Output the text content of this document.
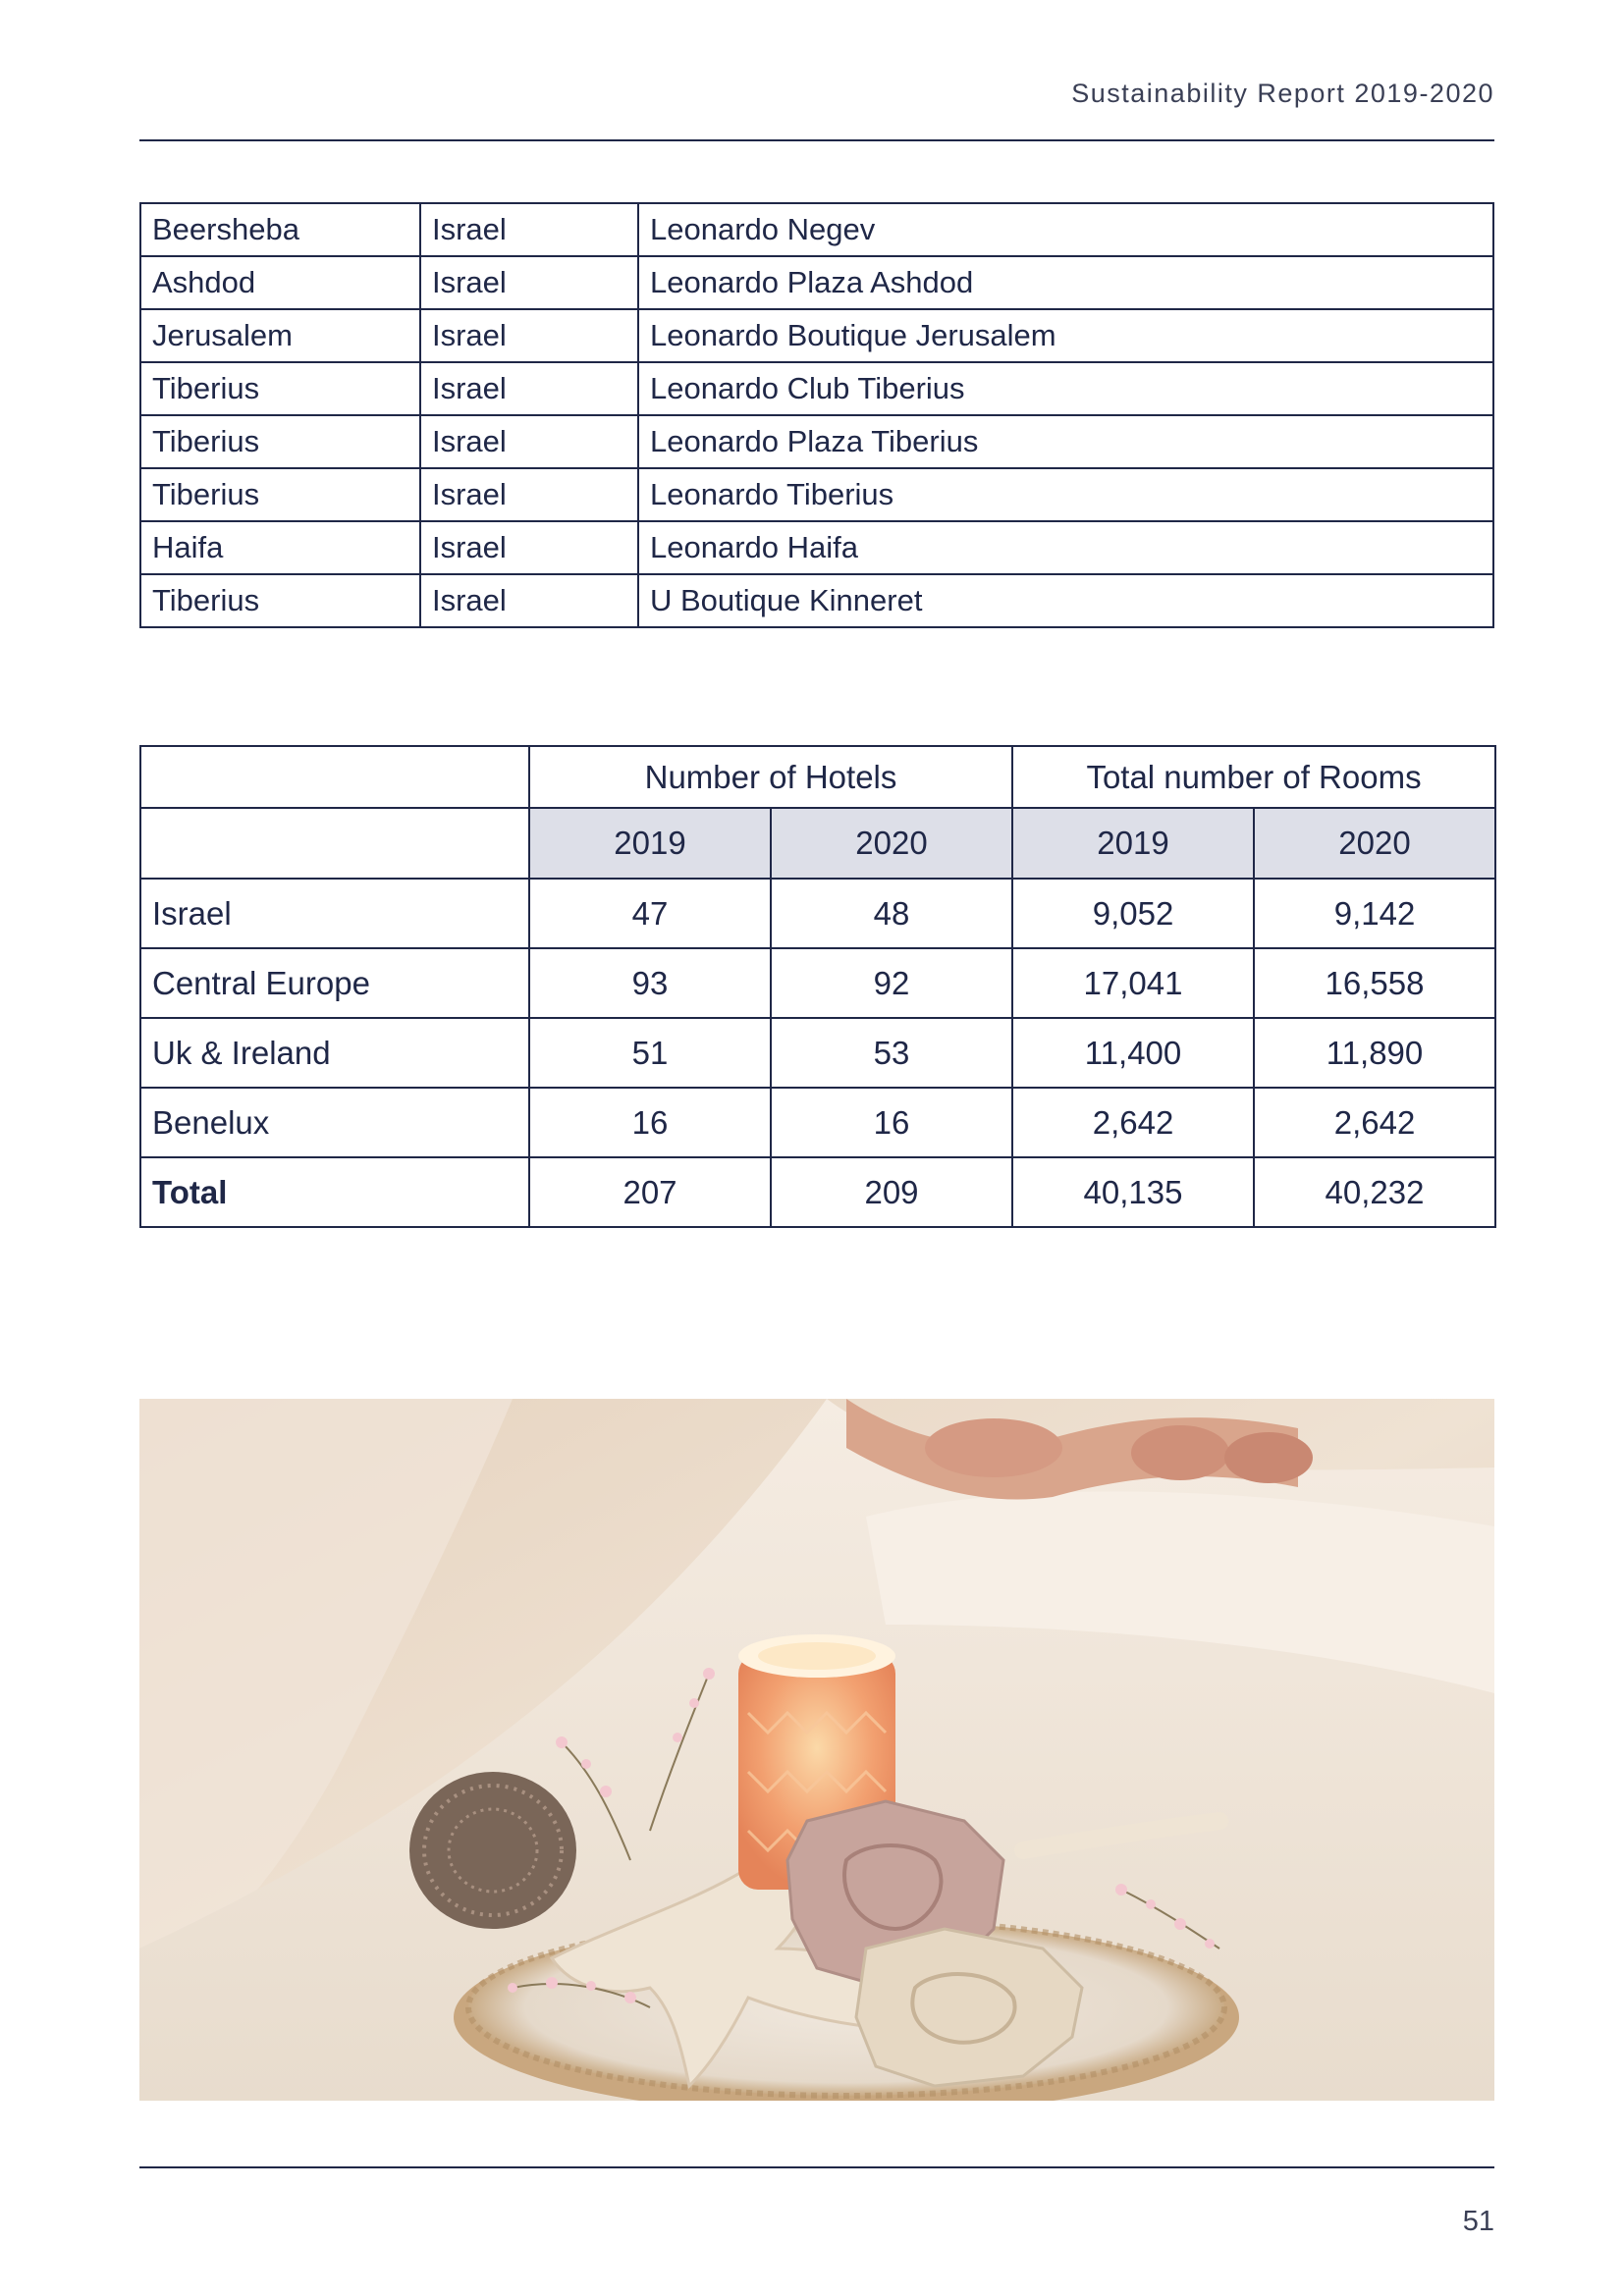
Sustainability Report 2019-2020
Beersheba	Israel	Leonardo Negev
Ashdod	Israel	Leonardo Plaza Ashdod
Jerusalem	Israel	Leonardo Boutique Jerusalem
Tiberius	Israel	Leonardo Club Tiberius
Tiberius	Israel	Leonardo Plaza Tiberius
Tiberius	Israel	Leonardo Tiberius
Haifa	Israel	Leonardo Haifa
Tiberius	Israel	U Boutique Kinneret
	Number of Hotels		Total number of Rooms	
	2019	2020	2019	2020
Israel	47	48	9,052	9,142
Central Europe	93	92	17,041	16,558
Uk & Ireland	51	53	11,400	11,890
Benelux	16	16	2,642	2,642
Total	207	209	40,135	40,232
51
